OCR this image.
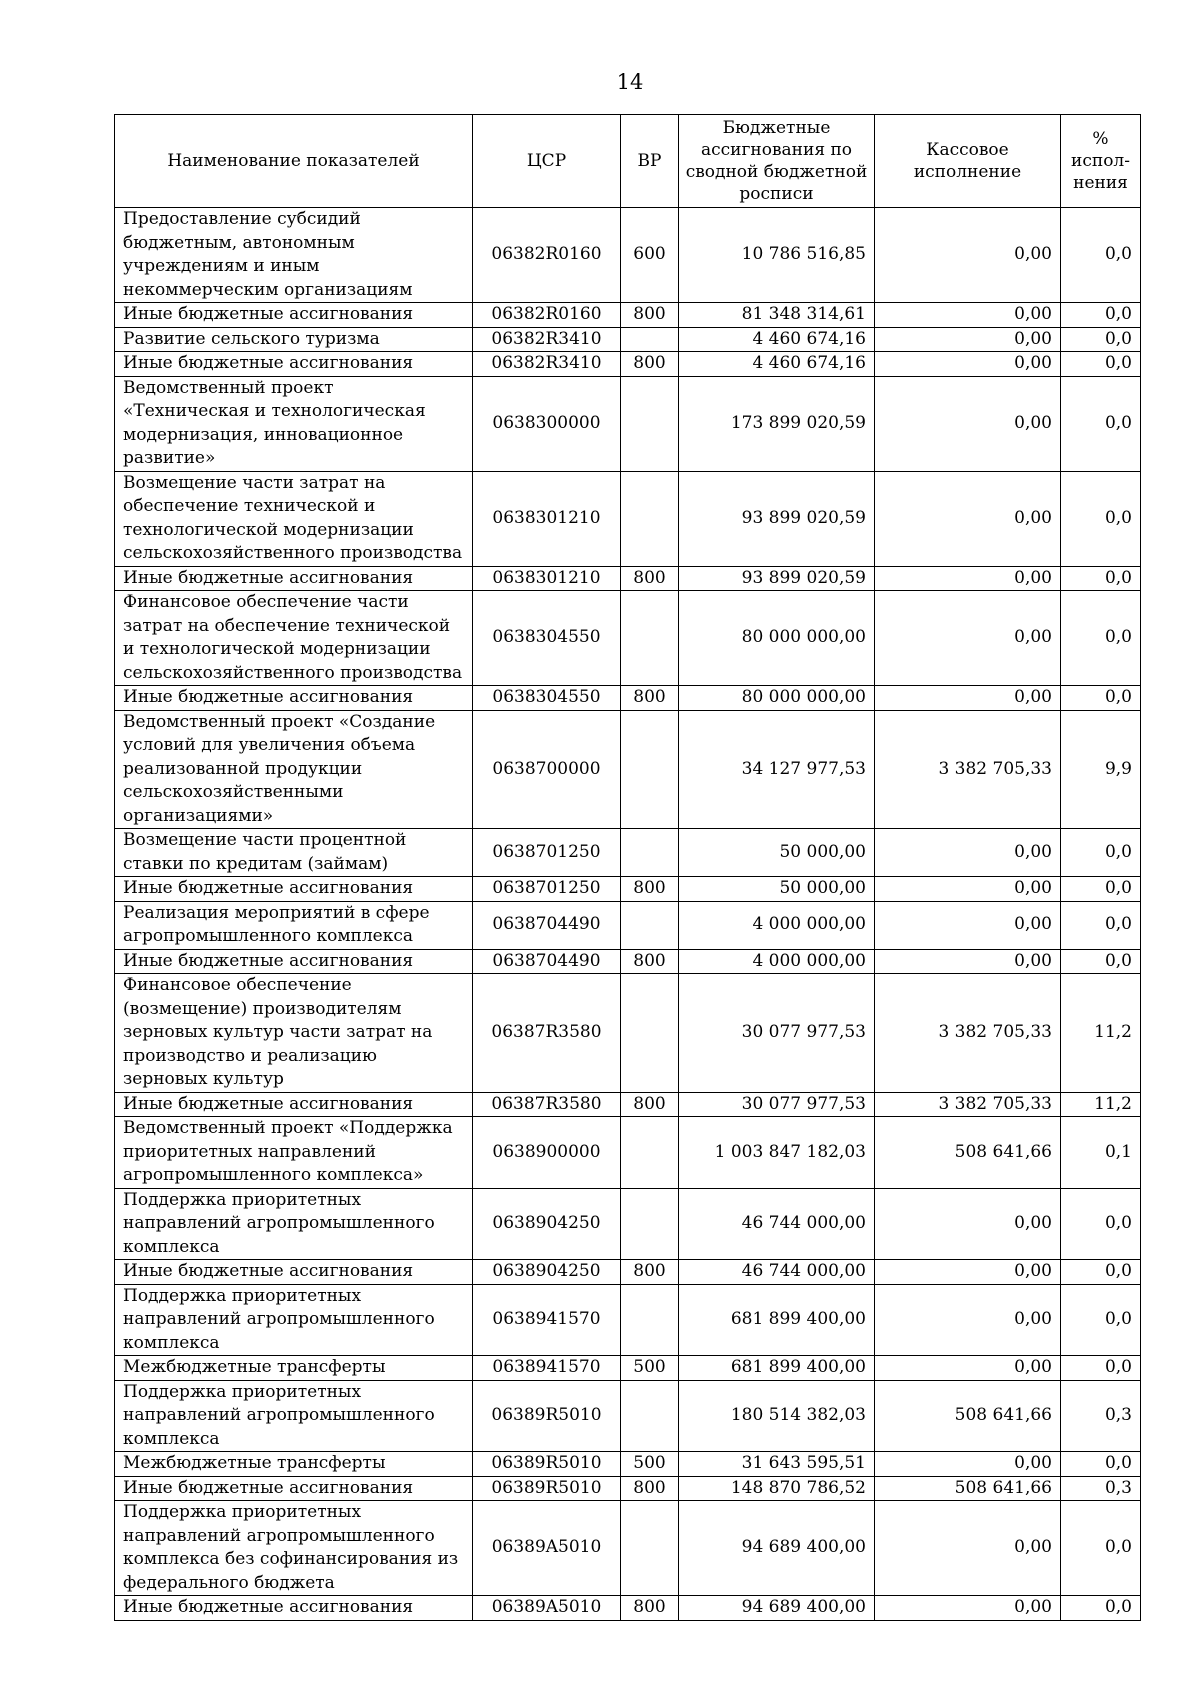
14
Наименование показателей	ЦСР	ВР	Бюджетные ассигнования по сводной бюджетной росписи	Кассовое исполнение	% испол-нения
Предоставление субсидий бюджетным, автономным учреждениям и иным некоммерческим организациям	06382R0160	600	10 786 516,85	0,00	0,0
Иные бюджетные ассигнования	06382R0160	800	81 348 314,61	0,00	0,0
Развитие сельского туризма	06382R3410		4 460 674,16	0,00	0,0
Иные бюджетные ассигнования	06382R3410	800	4 460 674,16	0,00	0,0
Ведомственный проект «Техническая и технологическая модернизация, инновационное развитие»	0638300000		173 899 020,59	0,00	0,0
Возмещение части затрат на обеспечение технической и технологической модернизации сельскохозяйственного производства	0638301210		93 899 020,59	0,00	0,0
Иные бюджетные ассигнования	0638301210	800	93 899 020,59	0,00	0,0
Финансовое обеспечение части затрат на обеспечение технической и технологической модернизации сельскохозяйственного производства	0638304550		80 000 000,00	0,00	0,0
Иные бюджетные ассигнования	0638304550	800	80 000 000,00	0,00	0,0
Ведомственный проект «Создание условий для увеличения объема реализованной продукции сельскохозяйственными организациями»	0638700000		34 127 977,53	3 382 705,33	9,9
Возмещение части процентной ставки по кредитам (займам)	0638701250		50 000,00	0,00	0,0
Иные бюджетные ассигнования	0638701250	800	50 000,00	0,00	0,0
Реализация мероприятий в сфере агропромышленного комплекса	0638704490		4 000 000,00	0,00	0,0
Иные бюджетные ассигнования	0638704490	800	4 000 000,00	0,00	0,0
Финансовое обеспечение (возмещение) производителям зерновых культур части затрат на производство и реализацию зерновых культур	06387R3580		30 077 977,53	3 382 705,33	11,2
Иные бюджетные ассигнования	06387R3580	800	30 077 977,53	3 382 705,33	11,2
Ведомственный проект «Поддержка приоритетных направлений агропромышленного комплекса»	0638900000		1 003 847 182,03	508 641,66	0,1
Поддержка приоритетных направлений агропромышленного комплекса	0638904250		46 744 000,00	0,00	0,0
Иные бюджетные ассигнования	0638904250	800	46 744 000,00	0,00	0,0
Поддержка приоритетных направлений агропромышленного комплекса	0638941570		681 899 400,00	0,00	0,0
Межбюджетные трансферты	0638941570	500	681 899 400,00	0,00	0,0
Поддержка приоритетных направлений агропромышленного комплекса	06389R5010		180 514 382,03	508 641,66	0,3
Межбюджетные трансферты	06389R5010	500	31 643 595,51	0,00	0,0
Иные бюджетные ассигнования	06389R5010	800	148 870 786,52	508 641,66	0,3
Поддержка приоритетных направлений агропромышленного комплекса без софинансирования из федерального бюджета	06389A5010		94 689 400,00	0,00	0,0
Иные бюджетные ассигнования	06389A5010	800	94 689 400,00	0,00	0,0
